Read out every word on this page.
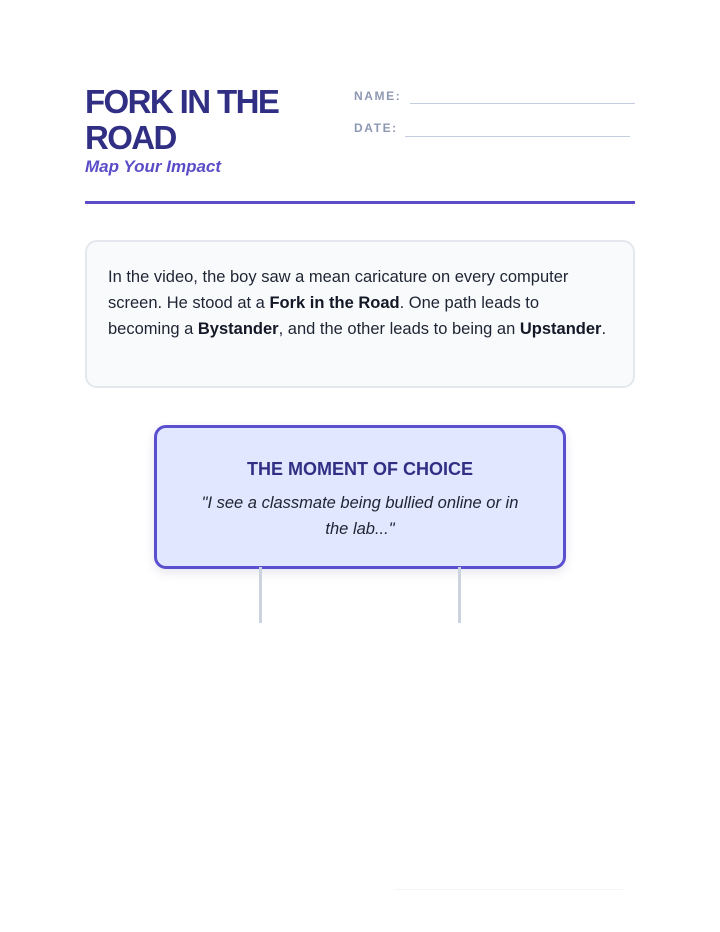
FORK IN THE ROAD
Map Your Impact
NAME:
DATE:

In the video, the boy saw a mean caricature on every computer screen. He stood at a Fork in the Road. One path leads to becoming a Bystander, and the other leads to being an Upstander.

THE MOMENT OF CHOICE
"I see a classmate being bullied online or in the lab..."
